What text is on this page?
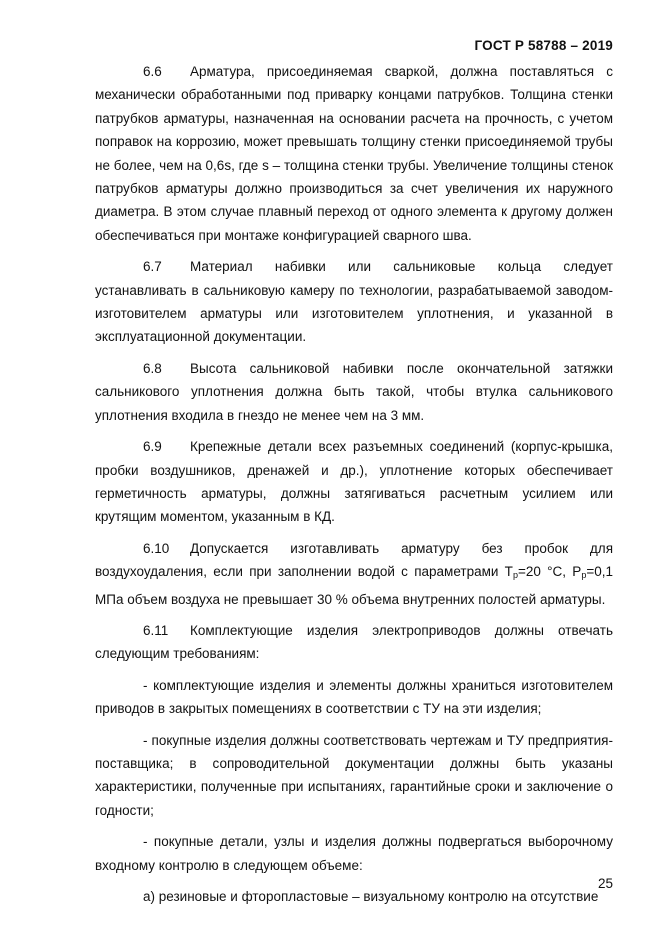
ГОСТ Р 58788 – 2019

6.6 Арматура, присоединяемая сваркой, должна поставляться с механически обработанными под приварку концами патрубков. Толщина стенки патрубков арматуры, назначенная на основании расчета на прочность, с учетом поправок на коррозию, может превышать толщину стенки присоединяемой трубы не более, чем на 0,6s, где s – толщина стенки трубы. Увеличение толщины стенок патрубков арматуры должно производиться за счет увеличения их наружного диаметра. В этом случае плавный переход от одного элемента к другому должен обеспечиваться при монтаже конфигурацией сварного шва.

6.7 Материал набивки или сальниковые кольца следует устанавливать в сальниковую камеру по технологии, разрабатываемой заводом-изготовителем арматуры или изготовителем уплотнения, и указанной в эксплуатационной документации.

6.8 Высота сальниковой набивки после окончательной затяжки сальникового уплотнения должна быть такой, чтобы втулка сальникового уплотнения входила в гнездо не менее чем на 3 мм.

6.9 Крепежные детали всех разъемных соединений (корпус-крышка, пробки воздушников, дренажей и др.), уплотнение которых обеспечивает герметичность арматуры, должны затягиваться расчетным усилием или крутящим моментом, указанным в КД.

6.10 Допускается изготавливать арматуру без пробок для воздухоудаления, если при заполнении водой с параметрами $T_р=20$ °С, $P_р=0,1$ МПа объем воздуха не превышает 30 % объема внутренних полостей арматуры.

6.11 Комплектующие изделия электроприводов должны отвечать следующим требованиям:

- комплектующие изделия и элементы должны храниться изготовителем приводов в закрытых помещениях в соответствии с ТУ на эти изделия;

- покупные изделия должны соответствовать чертежам и ТУ предприятия-поставщика; в сопроводительной документации должны быть указаны характеристики, полученные при испытаниях, гарантийные сроки и заключение о годности;

- покупные детали, узлы и изделия должны подвергаться выборочному входному контролю в следующем объеме:

а) резиновые и фторопластовые – визуальному контролю на отсутствие

25
